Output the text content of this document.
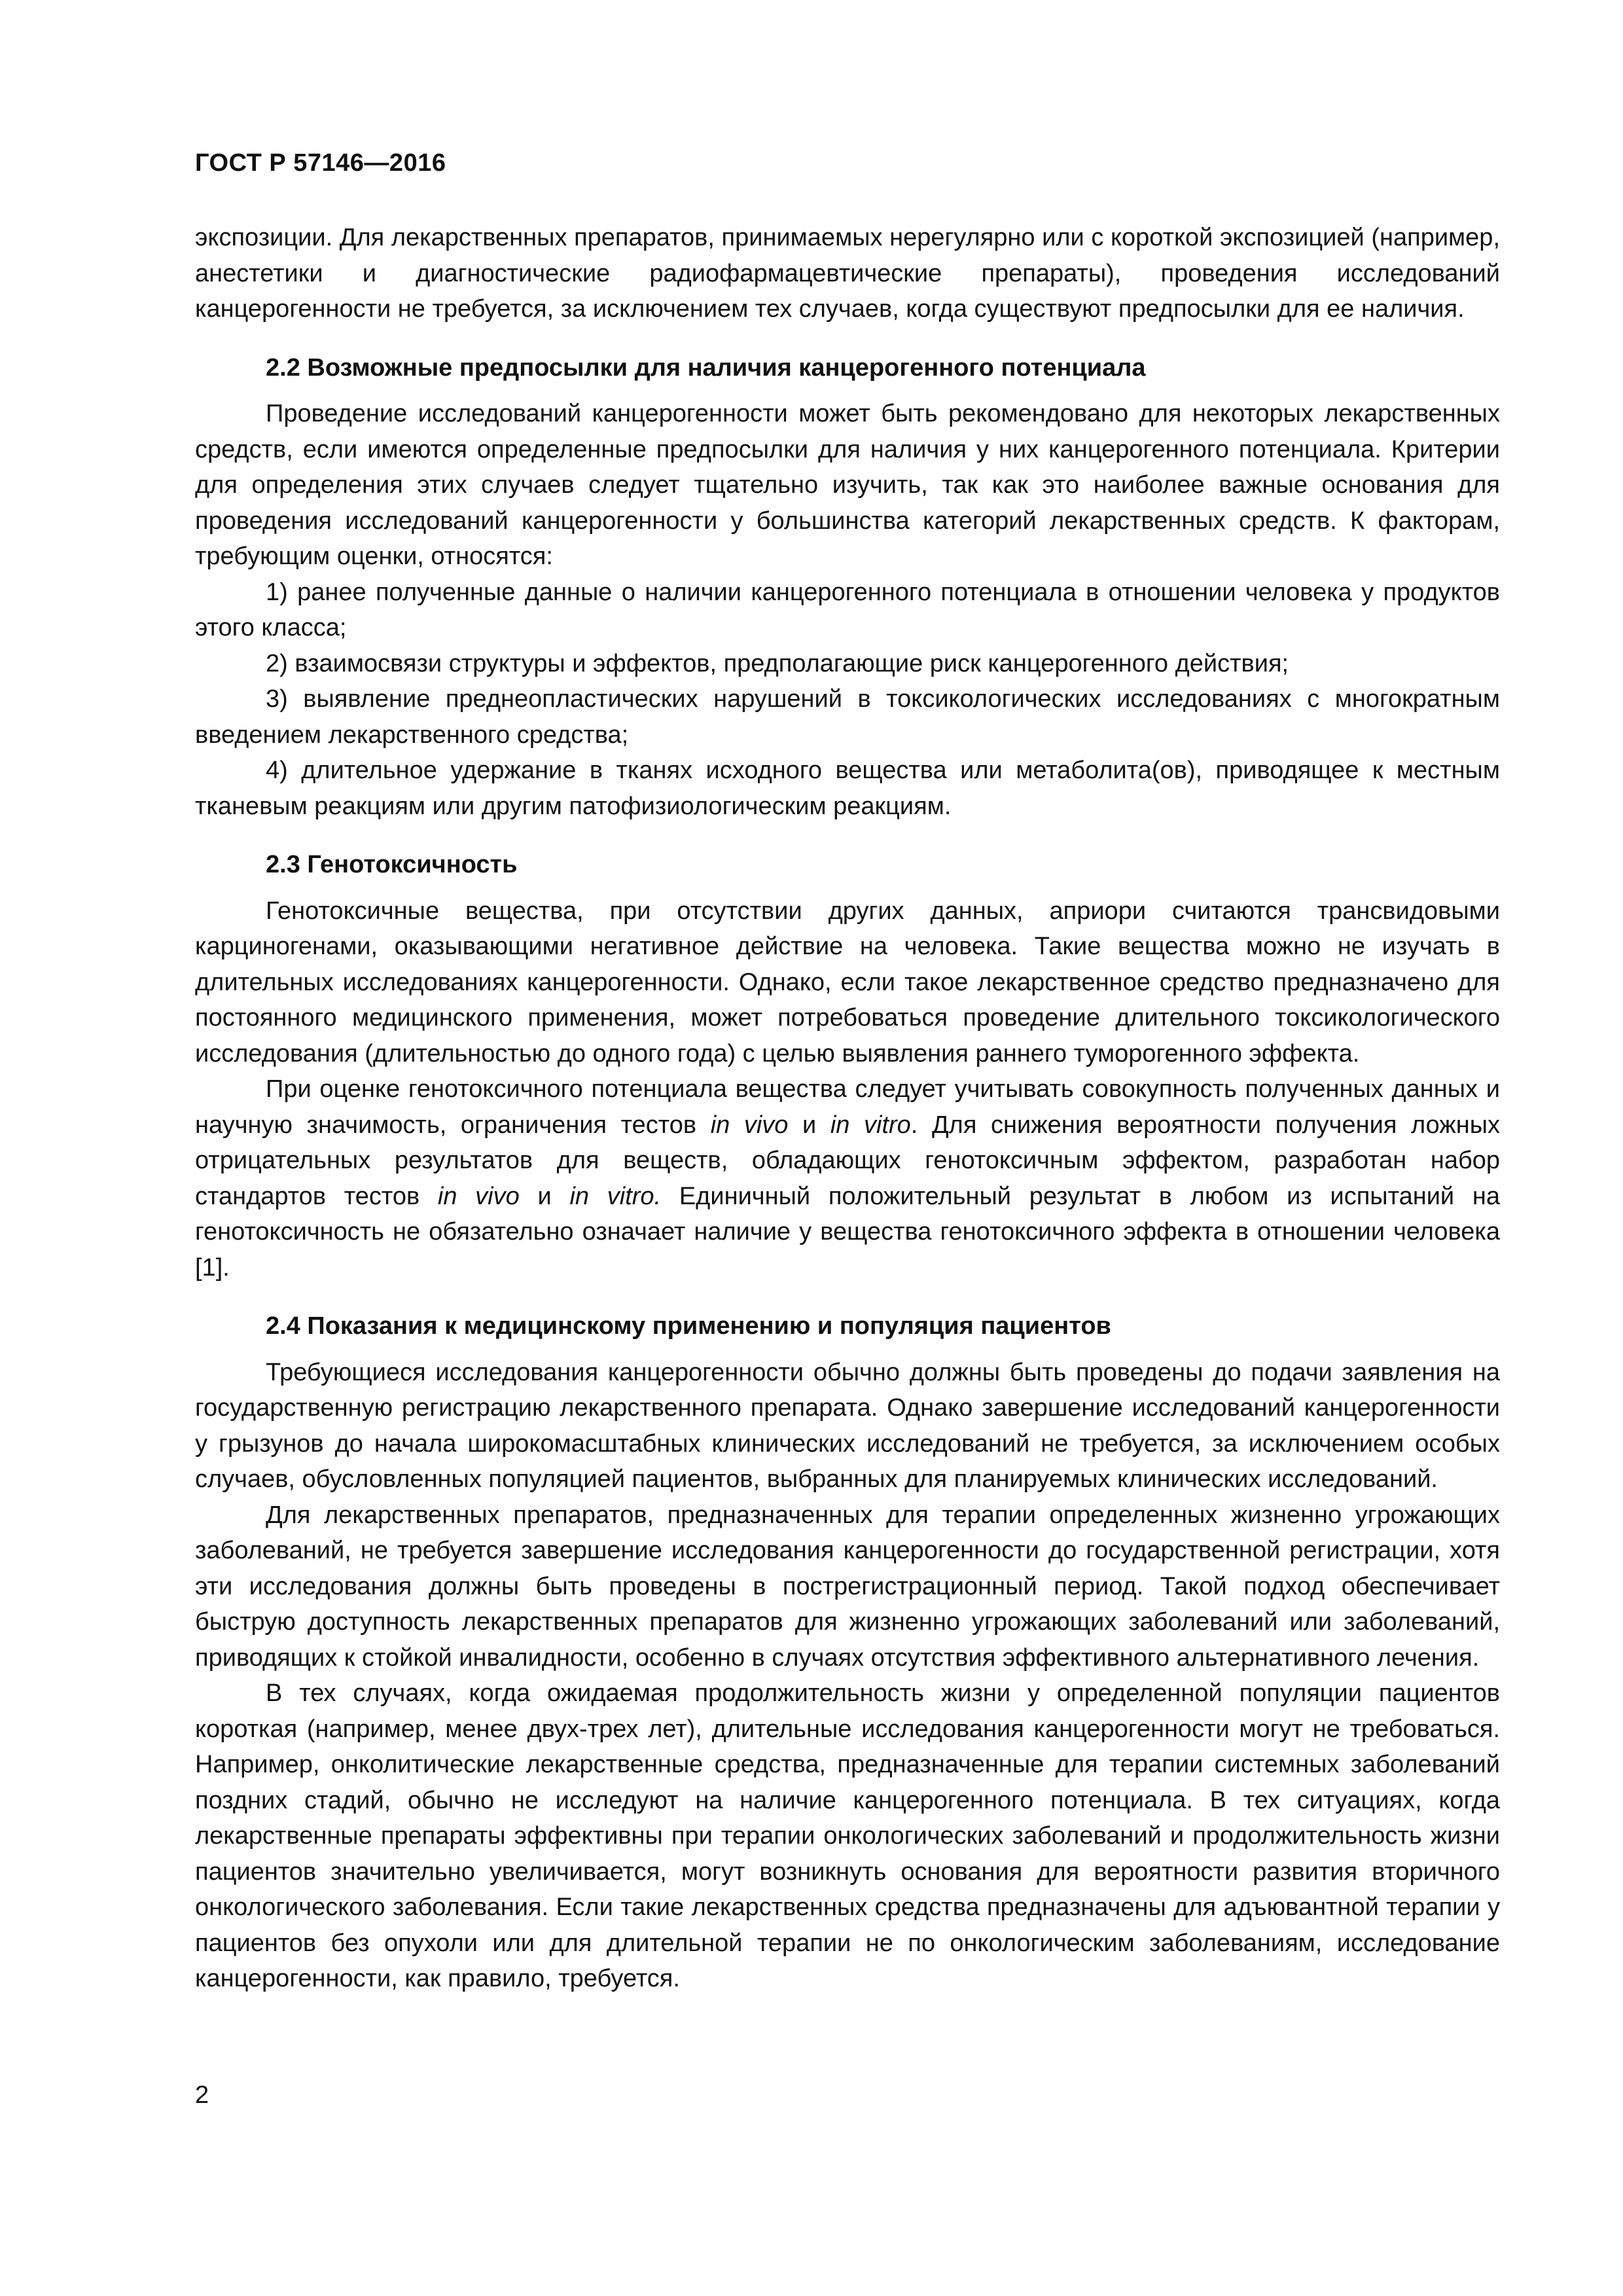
ГОСТ Р 57146—2016

экспозиции. Для лекарственных препаратов, принимаемых нерегулярно или с короткой экспозицией (например, анестетики и диагностические радиофармацевтические препараты), проведения исследований канцерогенности не требуется, за исключением тех случаев, когда существуют предпосылки для ее наличия.

2.2 Возможные предпосылки для наличия канцерогенного потенциала

Проведение исследований канцерогенности может быть рекомендовано для некоторых лекарственных средств, если имеются определенные предпосылки для наличия у них канцерогенного потенциала. Критерии для определения этих случаев следует тщательно изучить, так как это наиболее важные основания для проведения исследований канцерогенности у большинства категорий лекарственных средств. К факторам, требующим оценки, относятся:

1) ранее полученные данные о наличии канцерогенного потенциала в отношении человека у продуктов этого класса;

2) взаимосвязи структуры и эффектов, предполагающие риск канцерогенного действия;

3) выявление преднеопластических нарушений в токсикологических исследованиях с многократным введением лекарственного средства;

4) длительное удержание в тканях исходного вещества или метаболита(ов), приводящее к местным тканевым реакциям или другим патофизиологическим реакциям.

2.3 Генотоксичность

Генотоксичные вещества, при отсутствии других данных, априори считаются трансвидовыми карциногенами, оказывающими негативное действие на человека. Такие вещества можно не изучать в длительных исследованиях канцерогенности. Однако, если такое лекарственное средство предназначено для постоянного медицинского применения, может потребоваться проведение длительного токсикологического исследования (длительностью до одного года) с целью выявления раннего туморогенного эффекта.

При оценке генотоксичного потенциала вещества следует учитывать совокупность полученных данных и научную значимость, ограничения тестов in vivo и in vitro. Для снижения вероятности получения ложных отрицательных результатов для веществ, обладающих генотоксичным эффектом, разработан набор стандартов тестов in vivo и in vitro. Единичный положительный результат в любом из испытаний на генотоксичность не обязательно означает наличие у вещества генотоксичного эффекта в отношении человека [1].

2.4 Показания к медицинскому применению и популяция пациентов

Требующиеся исследования канцерогенности обычно должны быть проведены до подачи заявления на государственную регистрацию лекарственного препарата. Однако завершение исследований канцерогенности у грызунов до начала широкомасштабных клинических исследований не требуется, за исключением особых случаев, обусловленных популяцией пациентов, выбранных для планируемых клинических исследований.

Для лекарственных препаратов, предназначенных для терапии определенных жизненно угрожающих заболеваний, не требуется завершение исследования канцерогенности до государственной регистрации, хотя эти исследования должны быть проведены в пострегистрационный период. Такой подход обеспечивает быструю доступность лекарственных препаратов для жизненно угрожающих заболеваний или заболеваний, приводящих к стойкой инвалидности, особенно в случаях отсутствия эффективного альтернативного лечения.

В тех случаях, когда ожидаемая продолжительность жизни у определенной популяции пациентов короткая (например, менее двух-трех лет), длительные исследования канцерогенности могут не требоваться. Например, онколитические лекарственные средства, предназначенные для терапии системных заболеваний поздних стадий, обычно не исследуют на наличие канцерогенного потенциала. В тех ситуациях, когда лекарственные препараты эффективны при терапии онкологических заболеваний и продолжительность жизни пациентов значительно увеличивается, могут возникнуть основания для вероятности развития вторичного онкологического заболевания. Если такие лекарственных средства предназначены для адъювантной терапии у пациентов без опухоли или для длительной терапии не по онкологическим заболеваниям, исследование канцерогенности, как правило, требуется.

2
